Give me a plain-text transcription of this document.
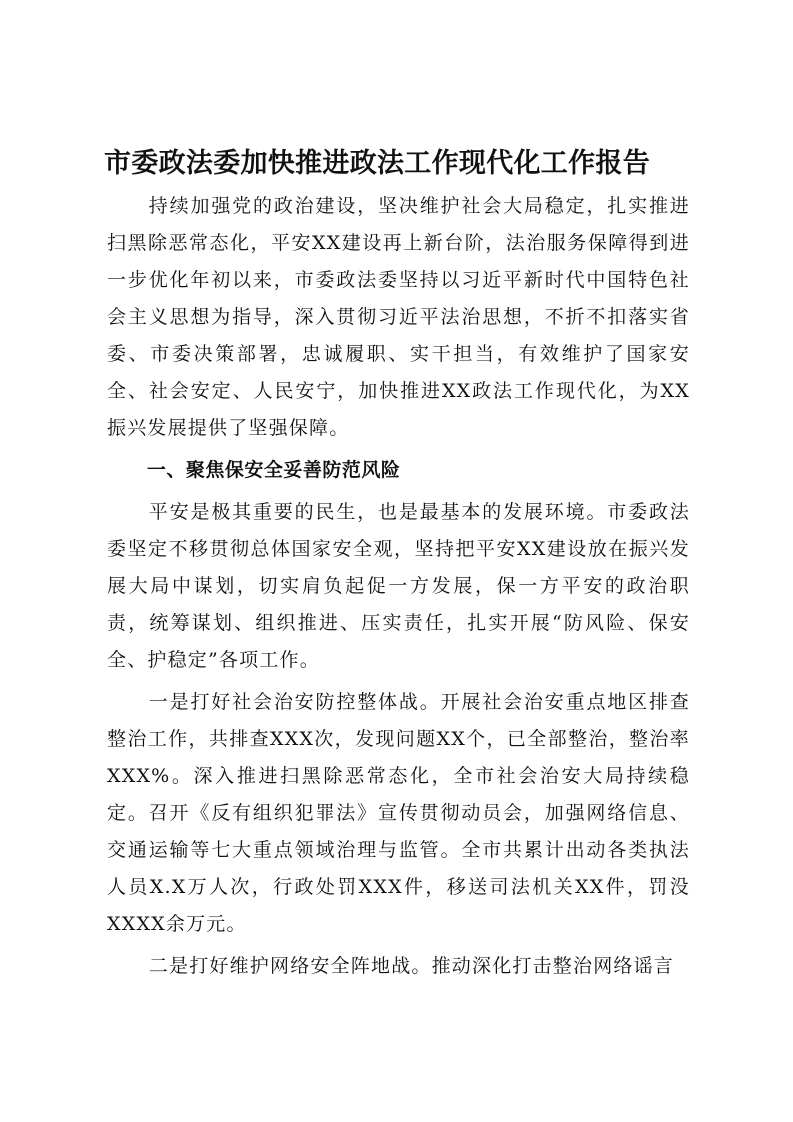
市委政法委加快推进政法工作现代化工作报告

持续加强党的政治建设，坚决维护社会大局稳定，扎实推进扫黑除恶常态化，平安XX建设再上新台阶，法治服务保障得到进一步优化年初以来，市委政法委坚持以习近平新时代中国特色社会主义思想为指导，深入贯彻习近平法治思想，不折不扣落实省委、市委决策部署，忠诚履职、实干担当，有效维护了国家安全、社会安定、人民安宁，加快推进XX政法工作现代化，为XX振兴发展提供了坚强保障。

一、聚焦保安全妥善防范风险

平安是极其重要的民生，也是最基本的发展环境。市委政法委坚定不移贯彻总体国家安全观，坚持把平安XX建设放在振兴发展大局中谋划，切实肩负起促一方发展，保一方平安的政治职责，统筹谋划、组织推进、压实责任，扎实开展“防风险、保安全、护稳定”各项工作。

一是打好社会治安防控整体战。开展社会治安重点地区排查整治工作，共排查XXX次，发现问题XX个，已全部整治，整治率XXX%。深入推进扫黑除恶常态化，全市社会治安大局持续稳定。召开《反有组织犯罪法》宣传贯彻动员会，加强网络信息、交通运输等七大重点领域治理与监管。全市共累计出动各类执法人员X.X万人次，行政处罚XXX件，移送司法机关XX件，罚没XXXX余万元。

二是打好维护网络安全阵地战。推动深化打击整治网络谣言
